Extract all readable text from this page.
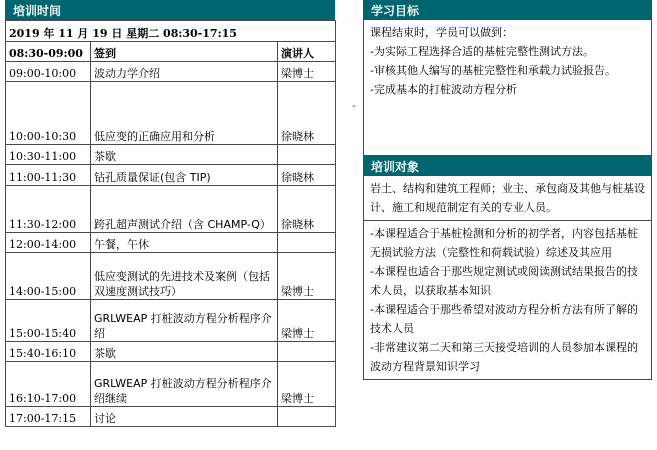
培训时间
2019 年 11 月 19 日 星期二 08:30-17:15		
08:30-09:00	签到	演讲人
09:00-10:00	波动力学介绍	梁博士
10:00-10:30	低应变的正确应用和分析	徐晓林
10:30-11:00	茶歇	
11:00-11:30	钻孔质量保证(包含 TIP)	徐晓林
11:30-12:00	跨孔超声测试介绍（含 CHAMP-Q）	徐晓林
12:00-14:00	午餐，午休	
14:00-15:00	低应变测试的先进技术及案例（包括双速度测试技巧）	梁博士
15:00-15:40	GRLWEAP 打桩波动方程分析程序介绍	梁博士
15:40-16:10	茶歇	
16:10-17:00	GRLWEAP 打桩波动方程分析程序介绍继续	梁博士
17:00-17:15	讨论	
-
学习目标

课程结束时，学员可以做到：

-为实际工程选择合适的基桩完整性测试方法。

-审核其他人编写的基桩完整性和承载力试验报告。

-完成基本的打桩波动方程分析

培训对象

岩土、结构和建筑工程师；业主、承包商及其他与桩基设计、施工和规范制定有关的专业人员。

-本课程适合于基桩检测和分析的初学者，内容包括基桩无损试验方法（完整性和荷载试验）综述及其应用

-本课程也适合于那些规定测试或阅读测试结果报告的技术人员，以获取基本知识

-本课程适合于那些希望对波动方程分析方法有所了解的技术人员

-非常建议第二天和第三天接受培训的人员参加本课程的波动方程背景知识学习
